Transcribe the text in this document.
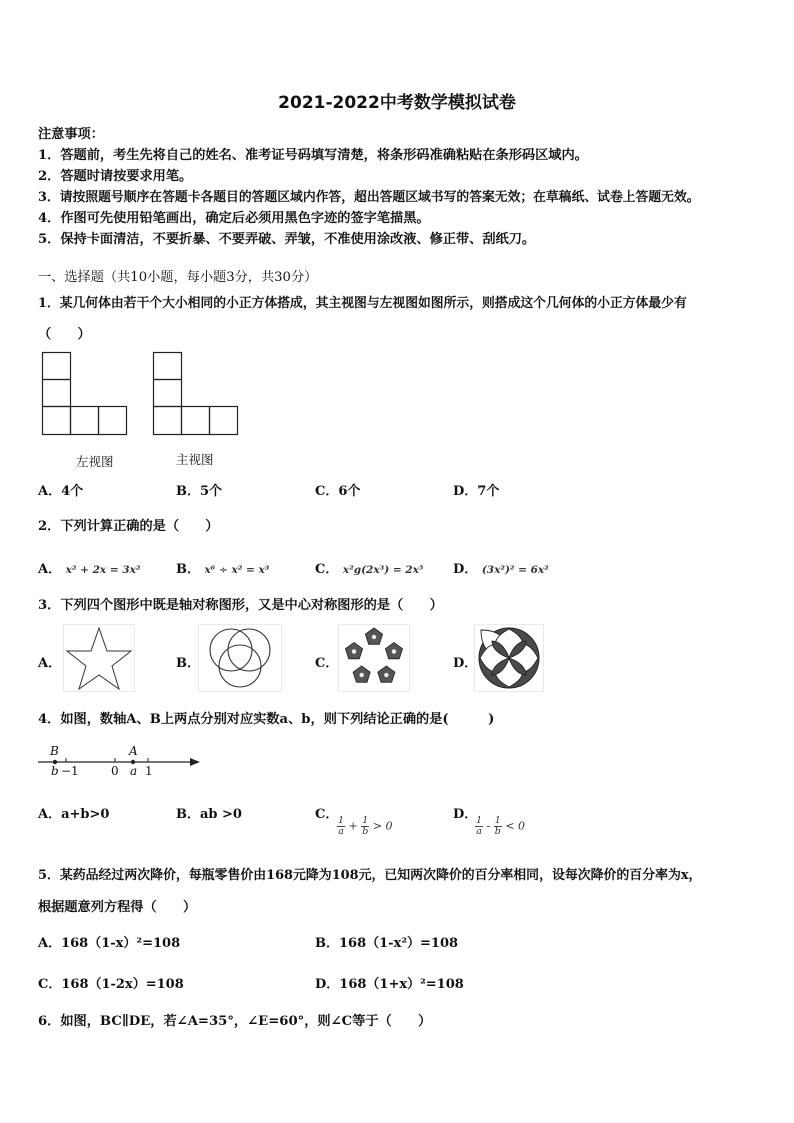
2021-2022中考数学模拟试卷
注意事项：
1．答题前，考生先将自己的姓名、准考证号码填写清楚，将条形码准确粘贴在条形码区域内。
2．答题时请按要求用笔。
3．请按照题号顺序在答题卡各题目的答题区域内作答，超出答题区域书写的答案无效；在草稿纸、试卷上答题无效。
4．作图可先使用铅笔画出，确定后必须用黑色字迹的签字笔描黑。
5．保持卡面清洁，不要折暴、不要弄破、弄皱，不准使用涂改液、修正带、刮纸刀。
一、选择题（共10小题，每小题3分，共30分）
1．某几何体由若干个大小相同的小正方体搭成，其主视图与左视图如图所示，则搭成这个几何体的小正方体最少有
（　　）
左视图	主视图
A．4个	B．5个	C．6个	D．7个
2．下列计算正确的是（　　）
A． x² + 2x = 3x²	B． x⁶ ÷ x² = x³	C． x²g(2x³) = 2x⁵ D． (3x²)² = 6x²
3．下列四个图形中既是轴对称图形，又是中心对称图形的是（　　）
A．	B．	C．	D．
4．如图，数轴A、B上两点分别对应实数a、b，则下列结论正确的是(　　　)
B	A
b	a
−1	0 1
A．a+b>0	B．ab >0	C．
$\frac{1}{a} + \frac{1}{b} > 0$
D．
$\frac{1}{a} - \frac{1}{b} < 0$
5．某药品经过两次降价，每瓶零售价由168元降为108元，已知两次降价的百分率相同，设每次降价的百分率为x，
根据题意列方程得（　　）
A．168（1-x）²=108	B．168（1-x²）=108
C．168（1-2x）=108	D．168（1+x）²=108
6．如图，BC∥DE，若∠A=35°，∠E=60°，则∠C等于（　　）
